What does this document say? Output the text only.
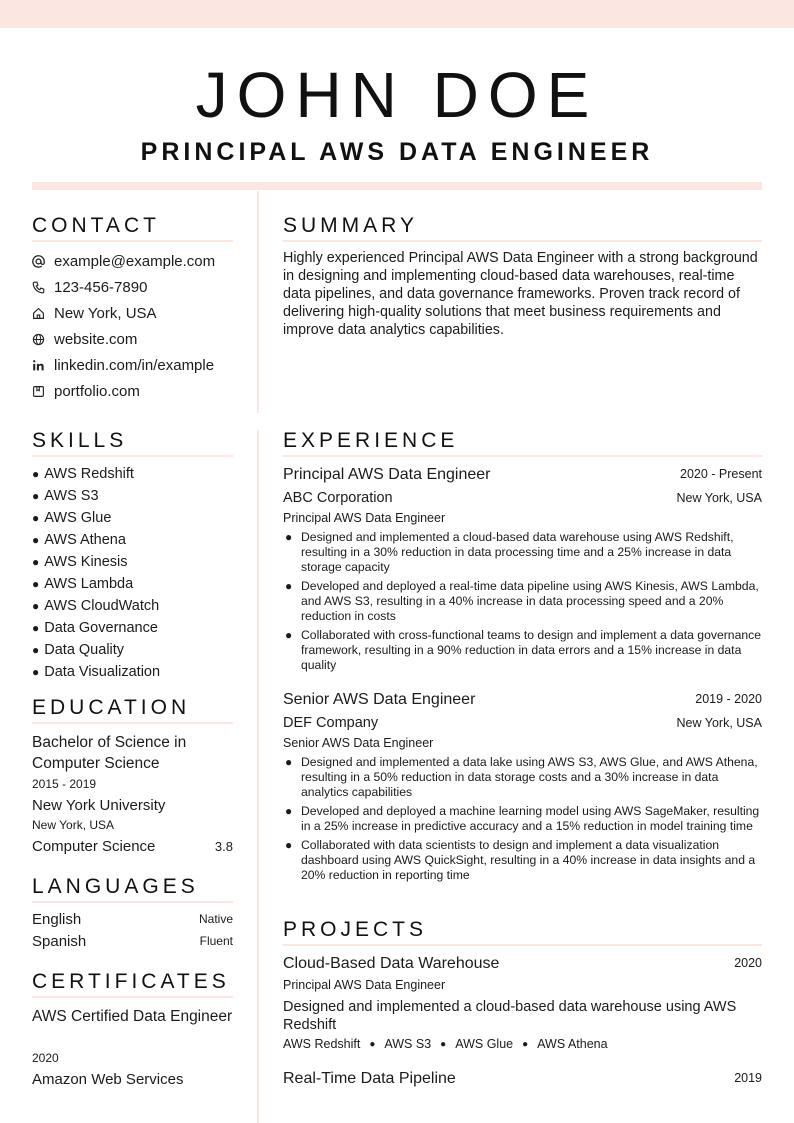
JOHN DOE
PRINCIPAL AWS DATA ENGINEER
CONTACT
example@example.com
123-456-7890
New York, USA
website.com
linkedin.com/in/example
portfolio.com
SUMMARY
Highly experienced Principal AWS Data Engineer with a strong background in designing and implementing cloud-based data warehouses, real-time data pipelines, and data governance frameworks. Proven track record of delivering high-quality solutions that meet business requirements and improve data analytics capabilities.
SKILLS
● AWS Redshift
● AWS S3
● AWS Glue
● AWS Athena
● AWS Kinesis
● AWS Lambda
● AWS CloudWatch
● Data Governance
● Data Quality
● Data Visualization
EDUCATION
Bachelor of Science in Computer Science
2015 - 2019
New York University
New York, USA
Computer Science	3.8
LANGUAGES
English	Native
Spanish	Fluent
CERTIFICATES
AWS Certified Data Engineer
2020
Amazon Web Services
EXPERIENCE
Principal AWS Data Engineer	2020 - Present
ABC Corporation	New York, USA
Principal AWS Data Engineer
● Designed and implemented a cloud-based data warehouse using AWS Redshift, resulting in a 30% reduction in data processing time and a 25% increase in data storage capacity
● Developed and deployed a real-time data pipeline using AWS Kinesis, AWS Lambda, and AWS S3, resulting in a 40% increase in data processing speed and a 20% reduction in costs
● Collaborated with cross-functional teams to design and implement a data governance framework, resulting in a 90% reduction in data errors and a 15% increase in data quality
Senior AWS Data Engineer	2019 - 2020
DEF Company	New York, USA
Senior AWS Data Engineer
● Designed and implemented a data lake using AWS S3, AWS Glue, and AWS Athena, resulting in a 50% reduction in data storage costs and a 30% increase in data analytics capabilities
● Developed and deployed a machine learning model using AWS SageMaker, resulting in a 25% increase in predictive accuracy and a 15% reduction in model training time
● Collaborated with data scientists to design and implement a data visualization dashboard using AWS QuickSight, resulting in a 40% increase in data insights and a 20% reduction in reporting time
PROJECTS
Cloud-Based Data Warehouse	2020
Principal AWS Data Engineer
Designed and implemented a cloud-based data warehouse using AWS Redshift
AWS Redshift ● AWS S3 ● AWS Glue ● AWS Athena
Real-Time Data Pipeline	2019
